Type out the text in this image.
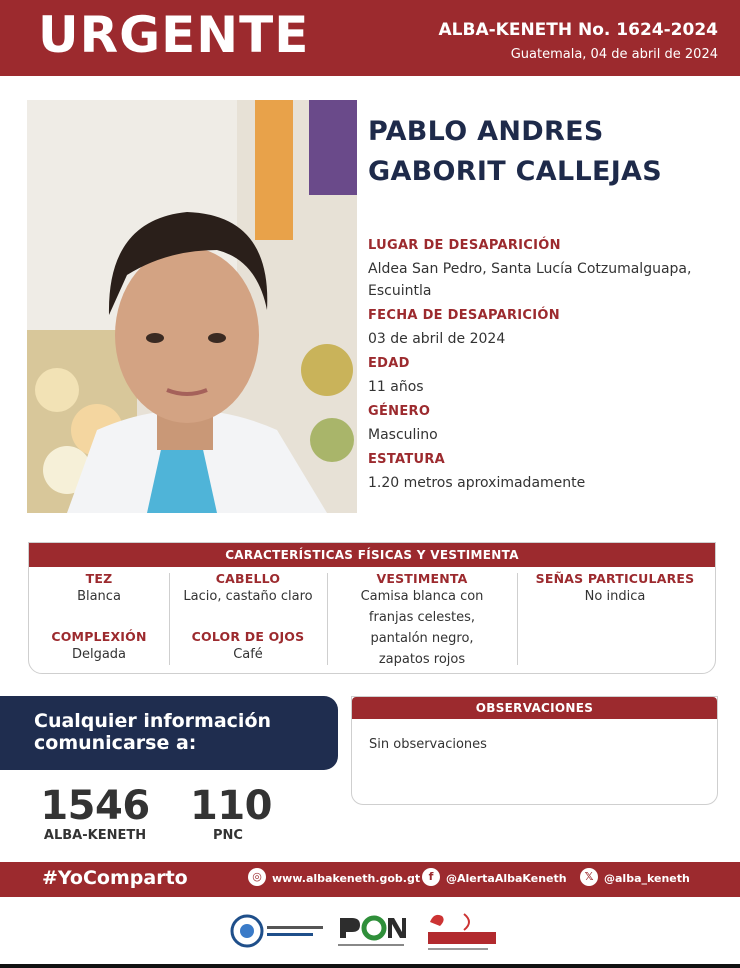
URGENTE	ALBA-KENETH No. 1624-2024
Guatemala, 04 de abril de 2024
PABLO ANDRES
GABORIT CALLEJAS
LUGAR DE DESAPARICIÓN
Aldea San Pedro, Santa Lucía Cotzumalguapa, Escuintla
FECHA DE DESAPARICIÓN
03 de abril de 2024
EDAD
11 años
GÉNERO
Masculino
ESTATURA
1.20 metros aproximadamente
CARACTERÍSTICAS FÍSICAS Y VESTIMENTA
TEZ
Blanca
COMPLEXIÓN
Delgada
CABELLO
Lacio, castaño claro
COLOR DE OJOS
Café
VESTIMENTA
Camisa blanca con
franjas celestes,
pantalón negro,
zapatos rojos
SEÑAS PARTICULARES
No indica
Cualquier información
comunicarse a:
1546
ALBA-KENETH
110
PNC
OBSERVACIONES
Sin observaciones
#YoComparto	◎ www.albakeneth.gob.gt f	@AlertaAlbaKeneth	𝕏 @alba_keneth
